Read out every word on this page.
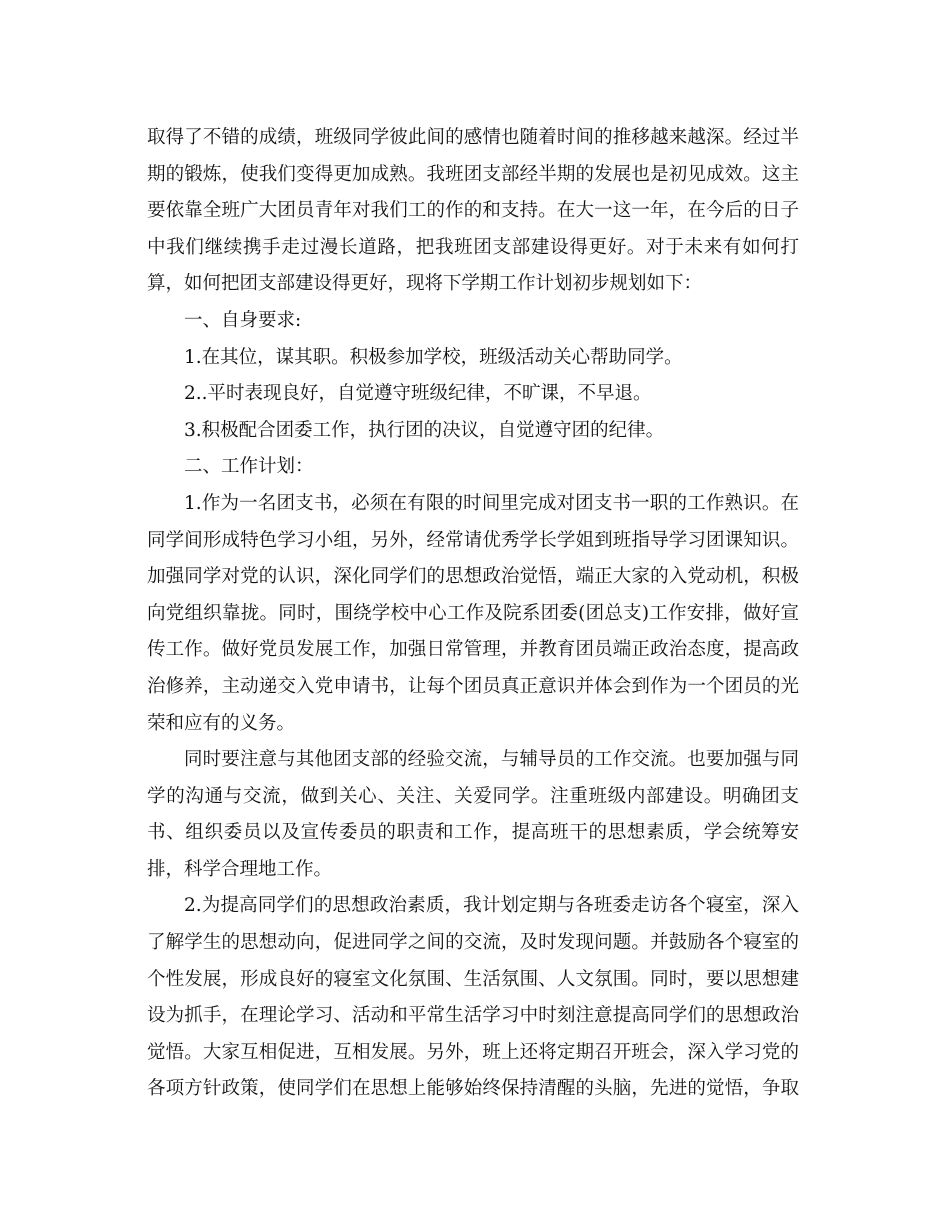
取得了不错的成绩，班级同学彼此间的感情也随着时间的推移越来越深。经过半
期的锻炼，使我们变得更加成熟。我班团支部经半期的发展也是初见成效。这主
要依靠全班广大团员青年对我们工的作的和支持。在大一这一年，在今后的日子
中我们继续携手走过漫长道路，把我班团支部建设得更好。对于未来有如何打
算，如何把团支部建设得更好，现将下学期工作计划初步规划如下：
一、自身要求:
1.在其位，谋其职。积极参加学校，班级活动关心帮助同学。
2..平时表现良好，自觉遵守班级纪律，不旷课，不早退。
3.积极配合团委工作，执行团的决议，自觉遵守团的纪律。
二、工作计划：
1.作为一名团支书，必须在有限的时间里完成对团支书一职的工作熟识。在
同学间形成特色学习小组，另外，经常请优秀学长学姐到班指导学习团课知识。
加强同学对党的认识，深化同学们的思想政治觉悟，端正大家的入党动机，积极
向党组织靠拢。同时，围绕学校中心工作及院系团委(团总支)工作安排，做好宣
传工作。做好党员发展工作，加强日常管理，并教育团员端正政治态度，提高政
治修养，主动递交入党申请书，让每个团员真正意识并体会到作为一个团员的光
荣和应有的义务。
同时要注意与其他团支部的经验交流，与辅导员的工作交流。也要加强与同
学的沟通与交流，做到关心、关注、关爱同学。注重班级内部建设。明确团支
书、组织委员以及宣传委员的职责和工作，提高班干的思想素质，学会统筹安
排，科学合理地工作。
2.为提高同学们的思想政治素质，我计划定期与各班委走访各个寝室，深入
了解学生的思想动向，促进同学之间的交流，及时发现问题。并鼓励各个寝室的
个性发展，形成良好的寝室文化氛围、生活氛围、人文氛围。同时，要以思想建
设为抓手，在理论学习、活动和平常生活学习中时刻注意提高同学们的思想政治
觉悟。大家互相促进，互相发展。另外，班上还将定期召开班会，深入学习党的
各项方针政策，使同学们在思想上能够始终保持清醒的头脑，先进的觉悟，争取
